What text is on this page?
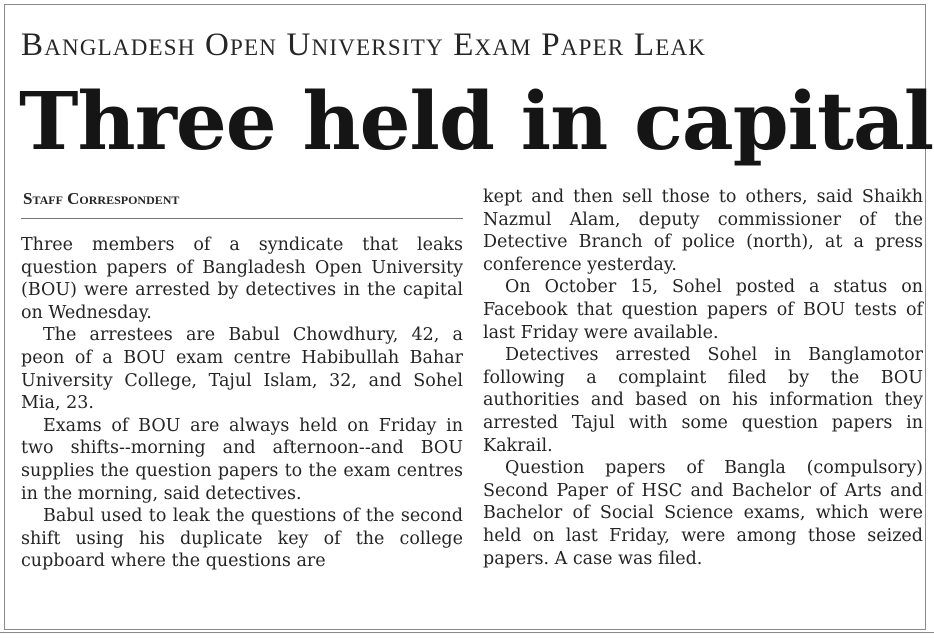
Bangladesh Open University Exam Paper Leak
Three held in capital
Staff Correspondent

Three members of a syndicate that leaks question papers of Bangladesh Open University (BOU) were arrested by detectives in the capital on Wednesday.

The arrestees are Babul Chowdhury, 42, a peon of a BOU exam centre Habibullah Bahar University College, Tajul Islam, 32, and Sohel Mia, 23.

Exams of BOU are always held on Friday in two shifts--morning and afternoon--and BOU supplies the question papers to the exam centres in the morning, said detectives.

Babul used to leak the questions of the second shift using his duplicate key of the college cupboard where the questions are

kept and then sell those to others, said Shaikh Nazmul Alam, deputy commissioner of the Detective Branch of police (north), at a press conference yesterday.

On October 15, Sohel posted a status on Facebook that question papers of BOU tests of last Friday were available.

Detectives arrested Sohel in Banglamotor following a complaint filed by the BOU authorities and based on his information they arrested Tajul with some question papers in Kakrail.

Question papers of Bangla (compulsory) Second Paper of HSC and Bachelor of Arts and Bachelor of Social Science exams, which were held on last Friday, were among those seized papers. A case was filed.
